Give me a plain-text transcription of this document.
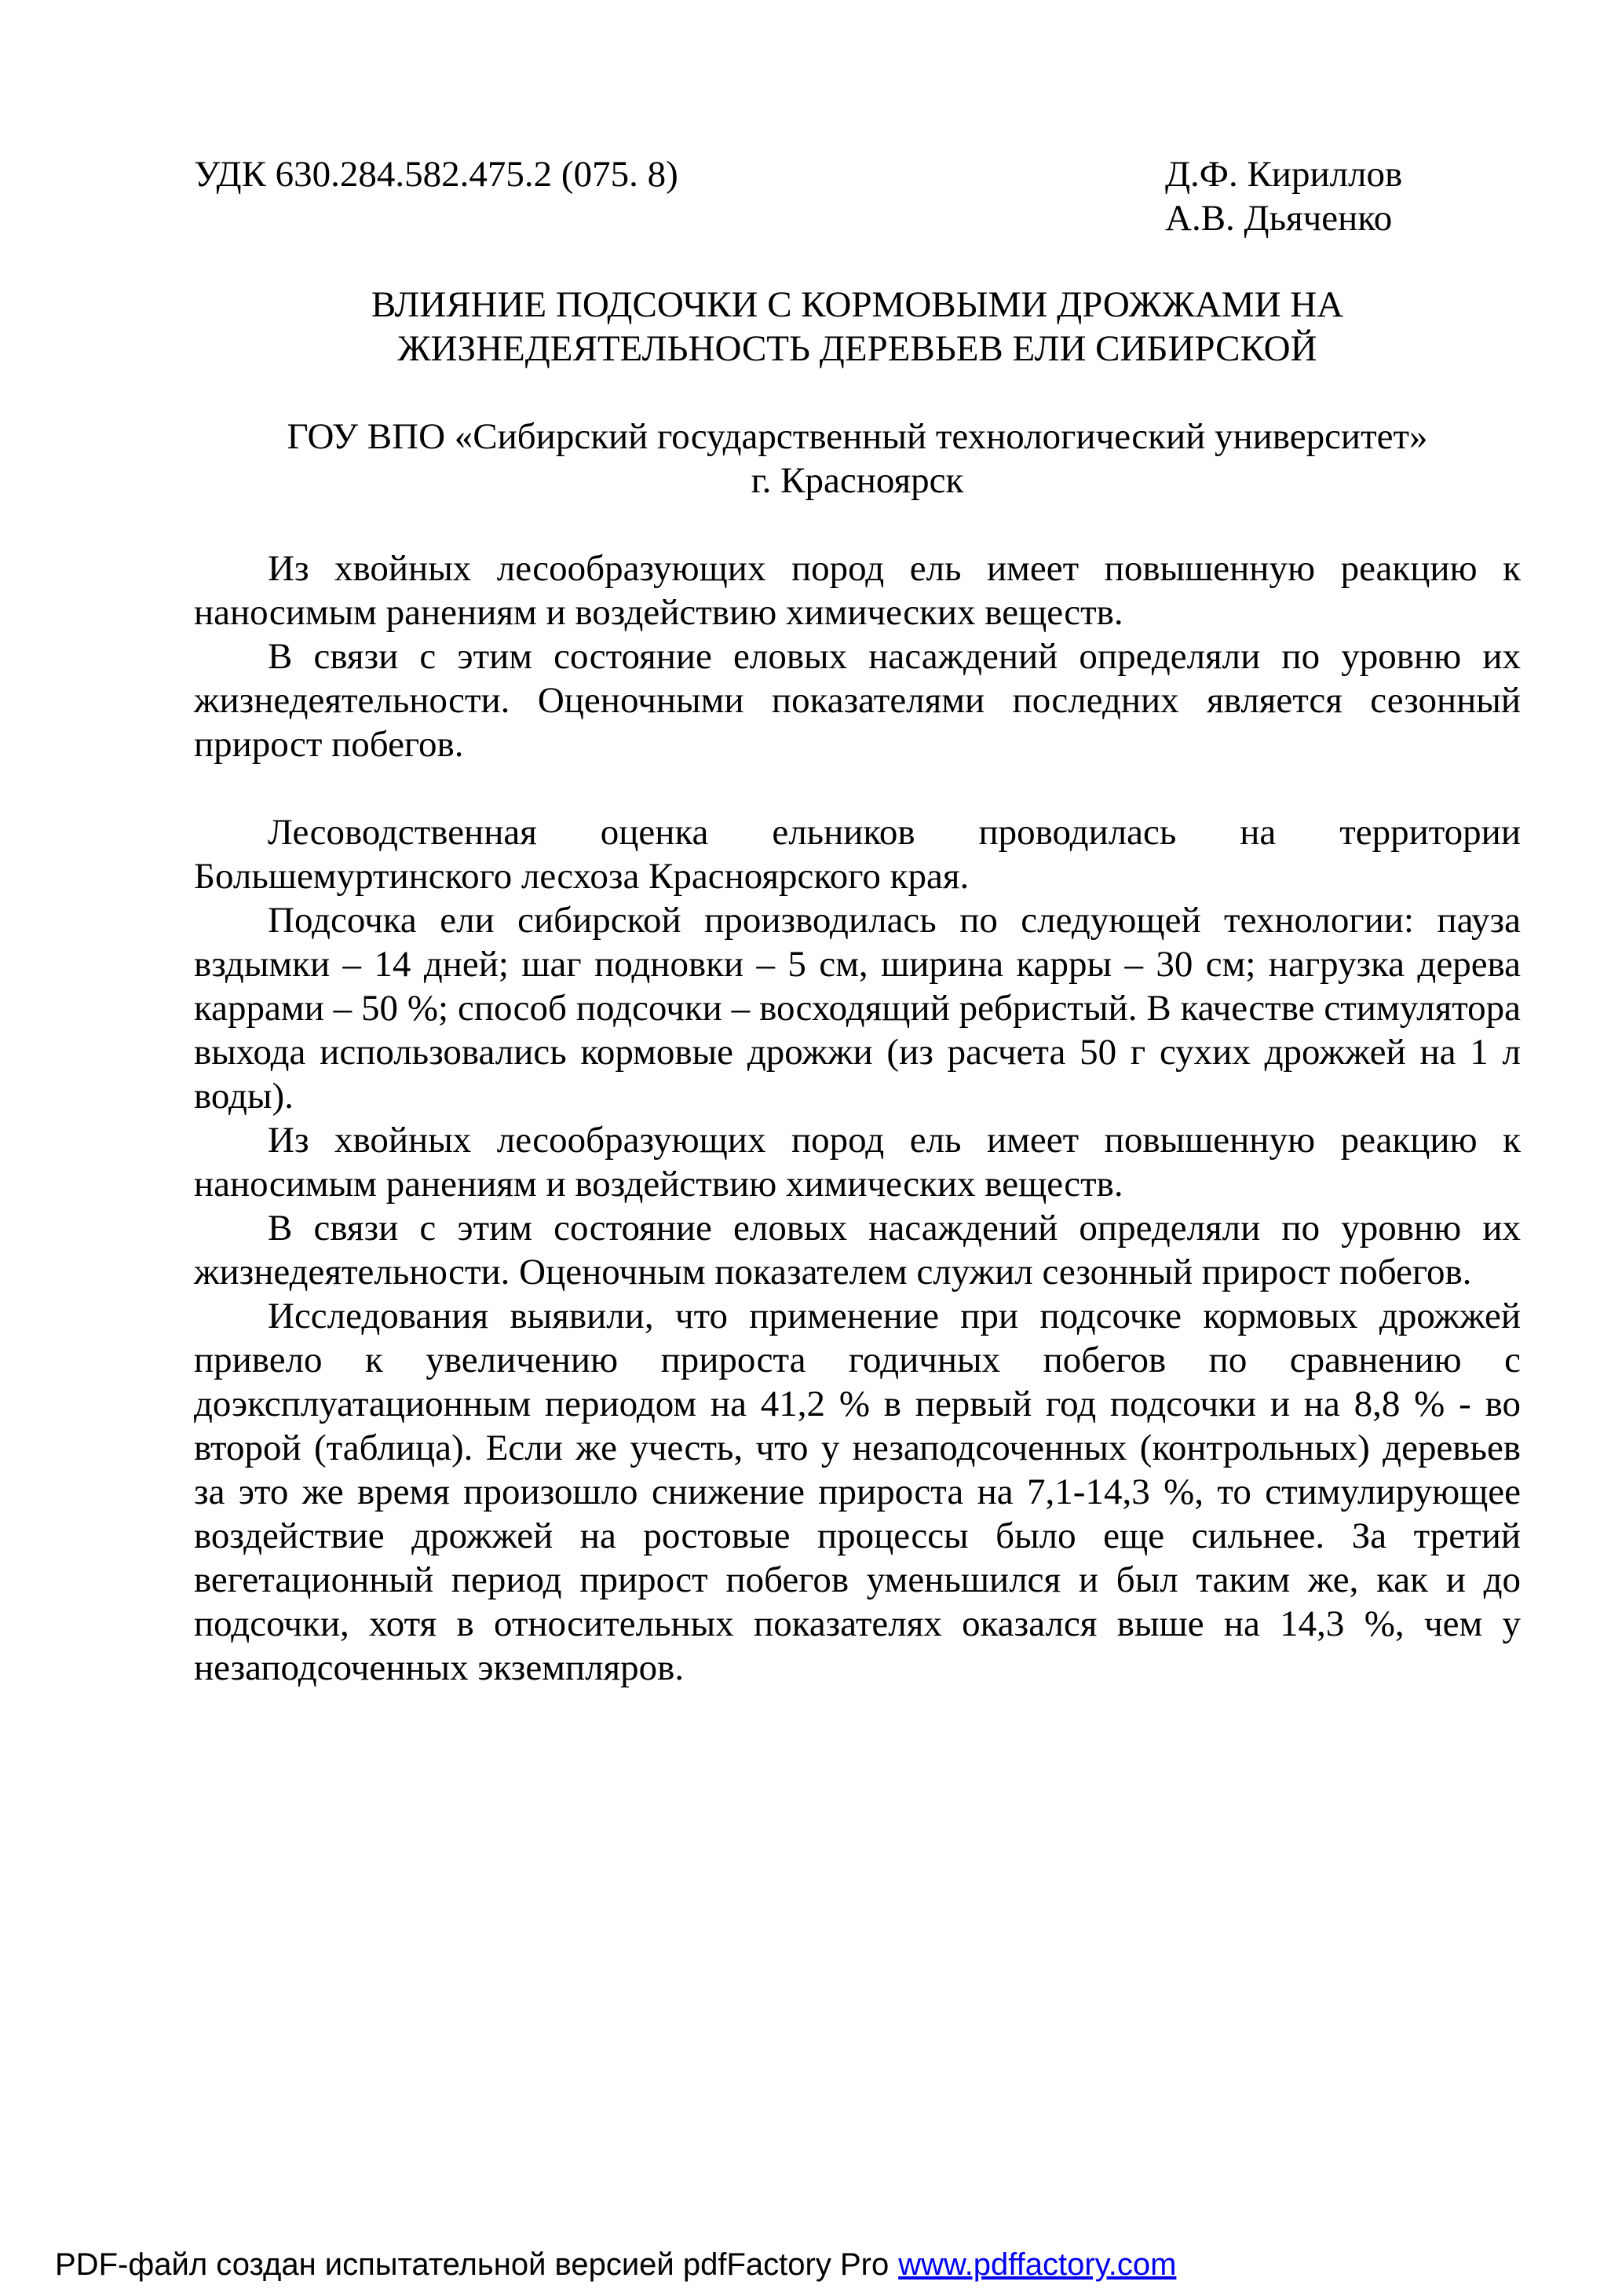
УДК 630.284.582.475.2 (075. 8)	Д.Ф. Кириллов
А.В. Дьяченко
ВЛИЯНИЕ ПОДСОЧКИ С КОРМОВЫМИ ДРОЖЖАМИ НА
ЖИЗНЕДЕЯТЕЛЬНОСТЬ ДЕРЕВЬЕВ ЕЛИ СИБИРСКОЙ
ГОУ ВПО «Сибирский государственный технологический университет»
г. Красноярск

Из хвойных лесообразующих пород ель имеет повышенную реакцию к наносимым ранениям и воздействию химических веществ.

В связи с этим состояние еловых насаждений определяли по уровню их жизнедеятельности. Оценочными показателями последних является сезонный прирост побегов.

Лесоводственная оценка ельников проводилась на территории Большемуртинского лесхоза Красноярского края.

Подсочка ели сибирской производилась по следующей технологии: пауза вздымки – 14 дней; шаг подновки – 5 см, ширина карры – 30 см; нагрузка дерева каррами – 50 %; способ подсочки – восходящий ребристый. В качестве стимулятора выхода использовались кормовые дрожжи (из расчета 50 г сухих дрожжей на 1 л воды).

Из хвойных лесообразующих пород ель имеет повышенную реакцию к наносимым ранениям и воздействию химических веществ.

В связи с этим состояние еловых насаждений определяли по уровню их жизнедеятельности. Оценочным показателем служил сезонный прирост побегов.

Исследования выявили, что применение при подсочке кормовых дрожжей привело к увеличению прироста годичных побегов по сравнению с доэксплуатационным периодом на 41,2 % в первый год подсочки и на 8,8 % - во второй (таблица). Если же учесть, что у незаподсоченных (контрольных) деревьев за это же время произошло снижение прироста на 7,1-14,3 %, то стимулирующее воздействие дрожжей на ростовые процессы было еще сильнее. За третий вегетационный период прирост побегов уменьшился и был таким же, как и до подсочки, хотя в относительных показателях оказался выше на 14,3 %, чем у незаподсоченных экземпляров.

PDF-файл создан испытательной версией pdfFactory Pro www.pdffactory.com
